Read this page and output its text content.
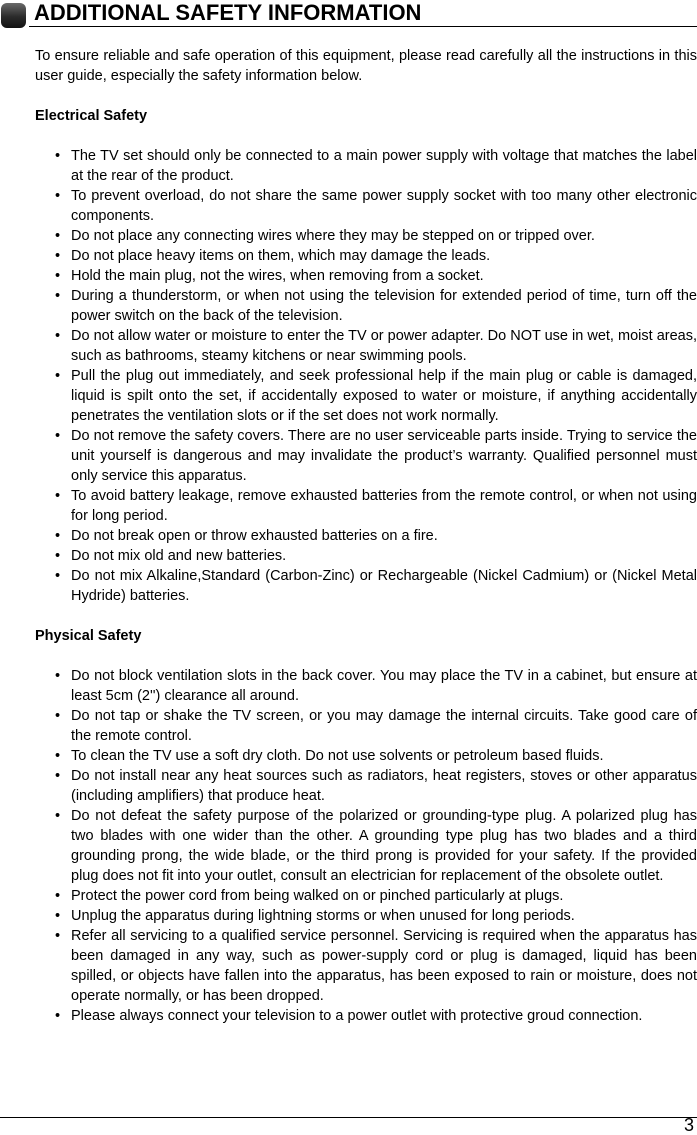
ADDITIONAL SAFETY INFORMATION

To ensure reliable and safe operation of this equipment, please read carefully all the instructions in this user guide, especially the safety information below.

Electrical Safety
• The TV set should only be connected to a main power supply with voltage that matches the label at the rear of the product.
• To prevent overload, do not share the same power supply socket with too many other electronic components.
• Do not place any connecting wires where they may be stepped on or tripped over.
• Do not place heavy items on them, which may damage the leads.
• Hold the main plug, not the wires, when removing from a socket.
• During a thunderstorm, or when not using the television for extended period of time, turn off the power switch on the back of the television.
• Do not allow water or moisture to enter the TV or power adapter. Do NOT use in wet, moist areas, such as bathrooms, steamy kitchens or near swimming pools.
• Pull the plug out immediately, and seek professional help if the main plug or cable is damaged, liquid is spilt onto the set, if accidentally exposed to water or moisture, if anything accidentally penetrates the ventilation slots or if the set does not work normally.
• Do not remove the safety covers. There are no user serviceable parts inside. Trying to service the unit yourself is dangerous and may invalidate the product’s warranty. Qualified personnel must only service this apparatus.
• To avoid battery leakage, remove exhausted batteries from the remote control, or when not using for long period.
• Do not break open or throw exhausted batteries on a fire.
• Do not mix old and new batteries.
• Do not mix Alkaline,Standard (Carbon-Zinc) or Rechargeable (Nickel Cadmium) or (Nickel Metal Hydride) batteries.
Physical Safety
• Do not block ventilation slots in the back cover. You may place the TV in a cabinet, but ensure at least 5cm (2'') clearance all around.
• Do not tap or shake the TV screen, or you may damage the internal circuits. Take good care of the remote control.
• To clean the TV use a soft dry cloth. Do not use solvents or petroleum based fluids.
• Do not install near any heat sources such as radiators, heat registers, stoves or other apparatus (including amplifiers) that produce heat.
• Do not defeat the safety purpose of the polarized or grounding-type plug. A polarized plug has two blades with one wider than the other. A grounding type plug has two blades and a third grounding prong, the wide blade, or the third prong is provided for your safety. If the provided plug does not fit into your outlet, consult an electrician for replacement of the obsolete outlet.
• Protect the power cord from being walked on or pinched particularly at plugs.
• Unplug the apparatus during lightning storms or when unused for long periods.
• Refer all servicing to a qualified service personnel. Servicing is required when the apparatus has been damaged in any way, such as power-supply cord or plug is damaged, liquid has been spilled, or objects have fallen into the apparatus, has been exposed to rain or moisture, does not operate normally, or has been dropped.
• Please always connect your television to a power outlet with protective groud connection.
3
